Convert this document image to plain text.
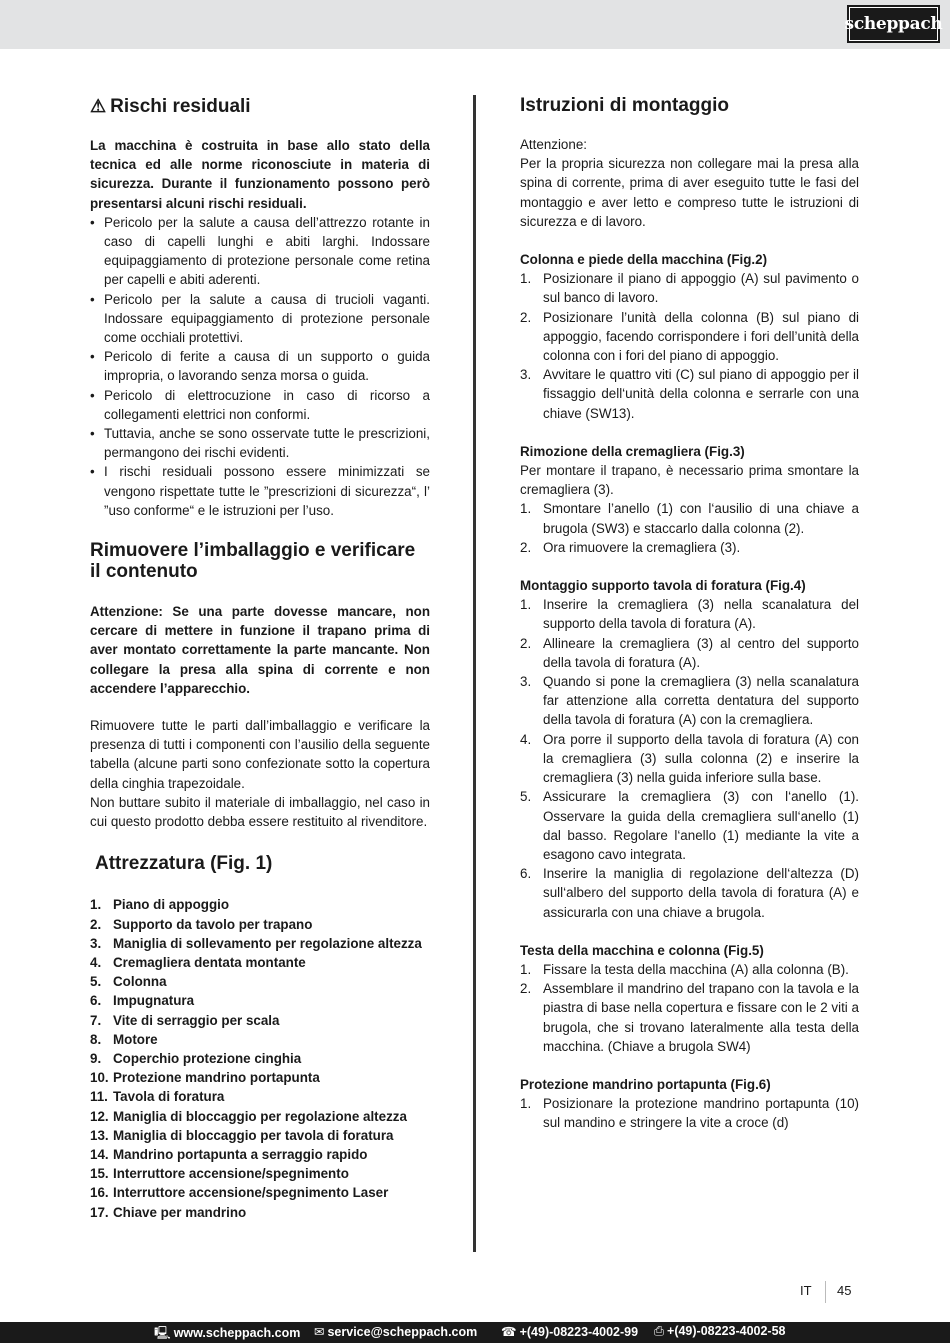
scheppach
⚠ Rischi residuali

La macchina è costruita in base allo stato della tecnica ed alle norme riconosciute in materia di sicurezza. Durante il funzionamento possono però presentarsi alcuni rischi residuali.

• Pericolo per la salute a causa dell’attrezzo rotante in caso di capelli lunghi e abiti larghi. Indossare equipaggiamento di protezione personale come retina per capelli e abiti aderenti.
• Pericolo per la salute a causa di trucioli vaganti. Indossare equipaggiamento di protezione personale come occhiali protettivi.
• Pericolo di ferite a causa di un supporto o guida impropria, o lavorando senza morsa o guida.
• Pericolo di elettrocuzione in caso di ricorso a collegamenti elettrici non conformi.
• Tuttavia, anche se sono osservate tutte le prescrizioni, permangono dei rischi evidenti.
• I rischi residuali possono essere minimizzati se vengono rispettate tutte le ”prescrizioni di sicurezza“, l’ ”uso conforme“ e le istruzioni per l’uso.
Rimuovere l’imballaggio e verificare il contenuto

Attenzione: Se una parte dovesse mancare, non cercare di mettere in funzione il trapano prima di aver montato correttamente la parte mancante. Non collegare la presa alla spina di corrente e non accendere l’apparecchio.

Rimuovere tutte le parti dall’imballaggio e verificare la presenza di tutti i componenti con l’ausilio della seguente tabella (alcune parti sono confezionate sotto la copertura della cinghia trapezoidale.

Non buttare subito il materiale di imballaggio, nel caso in cui questo prodotto debba essere restituito al rivenditore.

Attrezzatura (Fig. 1)
1. Piano di appoggio
2. Supporto da tavolo per trapano
3. Maniglia di sollevamento per regolazione altezza
4. Cremagliera dentata montante
5. Colonna
6. Impugnatura
7. Vite di serraggio per scala
8. Motore
9. Coperchio protezione cinghia
10. Protezione mandrino portapunta
11. Tavola di foratura
12. Maniglia di bloccaggio per regolazione altezza
13. Maniglia di bloccaggio per tavola di foratura
14. Mandrino portapunta a serraggio rapido
15. Interruttore accensione/spegnimento
16. Interruttore accensione/spegnimento Laser
17. Chiave per mandrino
Istruzioni di montaggio

Attenzione:

Per la propria sicurezza non collegare mai la presa alla spina di corrente, prima di aver eseguito tutte le fasi del montaggio e aver letto e compreso tutte le istruzioni di sicurezza e di lavoro.

Colonna e piede della macchina (Fig.2)

1. Posizionare il piano di appoggio (A) sul pavimento o sul banco di lavoro.
2. Posizionare l’unità della colonna (B) sul piano di appoggio, facendo corrispondere i fori dell’unità della colonna con i fori del piano di appoggio.
3. Avvitare le quattro viti (C) sul piano di appoggio per il fissaggio dell‘unità della colonna e serrarle con una chiave (SW13).

Rimozione della cremagliera (Fig.3)

Per montare il trapano, è necessario prima smontare la cremagliera (3).

1. Smontare l’anello (1) con l‘ausilio di una chiave a brugola (SW3) e staccarlo dalla colonna (2).
2. Ora rimuovere la cremagliera (3).

Montaggio supporto tavola di foratura (Fig.4)

1. Inserire la cremagliera (3) nella scanalatura del supporto della tavola di foratura (A).
2. Allineare la cremagliera (3) al centro del supporto della tavola di foratura (A).
3. Quando si pone la cremagliera (3) nella scanalatura far attenzione alla corretta dentatura del supporto della tavola di foratura (A) con la cremagliera.
4. Ora porre il supporto della tavola di foratura (A) con la cremagliera (3) sulla colonna (2) e inserire la cremagliera (3) nella guida inferiore sulla base.
5. Assicurare la cremagliera (3) con l‘anello (1). Osservare la guida della cremagliera sull‘anello (1) dal basso. Regolare l‘anello (1) mediante la vite a esagono cavo integrata.
6. Inserire la maniglia di regolazione dell‘altezza (D) sull‘albero del supporto della tavola di foratura (A) e assicurarla con una chiave a brugola.

Testa della macchina e colonna (Fig.5)

1. Fissare la testa della macchina (A) alla colonna (B).
2. Assemblare il mandrino del trapano con la tavola e la piastra di base nella copertura e fissare con le 2 viti a brugola, che si trovano lateralmente alla testa della macchina. (Chiave a brugola SW4)

Protezione mandrino portapunta (Fig.6)

1. Posizionare la protezione mandrino portapunta (10) sul mandino e stringere la vite a croce (d)
IT 45
🖳 www.scheppach.com ✉ service@scheppach.com ☎ +(49)-08223-4002-99 ⎙ +(49)-08223-4002-58
